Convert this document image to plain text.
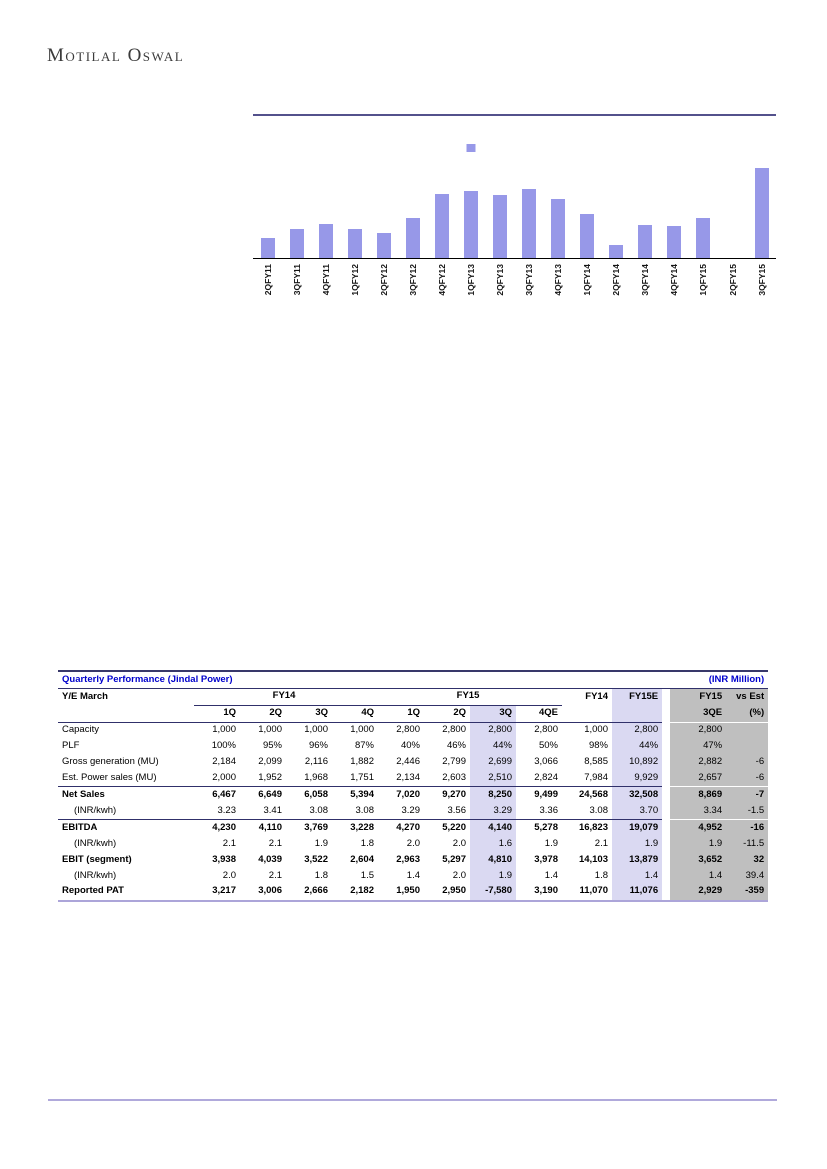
Motilal Oswal
2QFY11 3QFY11 4QFY11 1QFY12 2QFY12 3QFY12 4QFY12 1QFY13 2QFY13 3QFY13 4QFY13 1QFY14 2QFY14 3QFY14 4QFY14 1QFY15 2QFY15 3QFY15
Quarterly Performance (Jindal Power)												(INR Million)	
Y/E March	FY14				FY15				FY14	FY15E		FY15	vs Est
	1Q	2Q	3Q	4Q	1Q	2Q	3Q	4QE				3QE	(%)
Capacity	1,000	1,000	1,000	1,000	2,800	2,800	2,800	2,800	1,000	2,800		2,800	
PLF	100%	95%	96%	87%	40%	46%	44%	50%	98%	44%		47%	
Gross generation (MU)	2,184	2,099	2,116	1,882	2,446	2,799	2,699	3,066	8,585	10,892		2,882	-6
Est. Power sales (MU)	2,000	1,952	1,968	1,751	2,134	2,603	2,510	2,824	7,984	9,929		2,657	-6
Net Sales	6,467	6,649	6,058	5,394	7,020	9,270	8,250	9,499	24,568	32,508		8,869	-7
(INR/kwh)	3.23	3.41	3.08	3.08	3.29	3.56	3.29	3.36	3.08	3.70		3.34	-1.5
EBITDA	4,230	4,110	3,769	3,228	4,270	5,220	4,140	5,278	16,823	19,079		4,952	-16
(INR/kwh)	2.1	2.1	1.9	1.8	2.0	2.0	1.6	1.9	2.1	1.9		1.9	-11.5
EBIT (segment)	3,938	4,039	3,522	2,604	2,963	5,297	4,810	3,978	14,103	13,879		3,652	32
(INR/kwh)	2.0	2.1	1.8	1.5	1.4	2.0	1.9	1.4	1.8	1.4		1.4	39.4
Reported PAT	3,217	3,006	2,666	2,182	1,950	2,950	-7,580	3,190	11,070	11,076		2,929	-359
